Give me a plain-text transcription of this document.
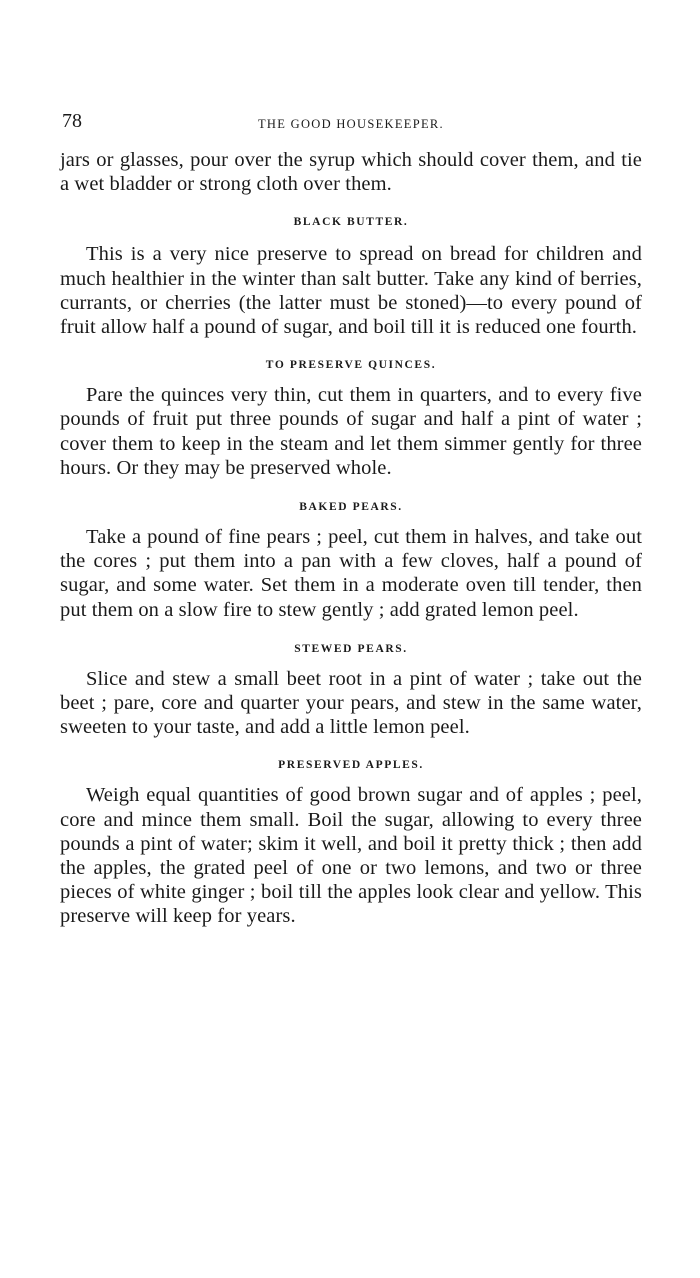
78	THE GOOD HOUSEKEEPER.

jars or glasses, pour over the syrup which should cover them, and tie a wet bladder or strong cloth over them.

BLACK BUTTER.

This is a very nice preserve to spread on bread for children and much healthier in the winter than salt butter. Take any kind of berries, currants, or cherries (the latter must be stoned)—to every pound of fruit allow half a pound of sugar, and boil till it is reduced one fourth.

TO PRESERVE QUINCES.

Pare the quinces very thin, cut them in quarters, and to every five pounds of fruit put three pounds of sugar and half a pint of water ; cover them to keep in the steam and let them simmer gently for three hours. Or they may be preserved whole.

BAKED PEARS.

Take a pound of fine pears ; peel, cut them in halves, and take out the cores ; put them into a pan with a few cloves, half a pound of sugar, and some water. Set them in a moderate oven till tender, then put them on a slow fire to stew gently ; add grated lemon peel.

STEWED PEARS.

Slice and stew a small beet root in a pint of water ; take out the beet ; pare, core and quarter your pears, and stew in the same water, sweeten to your taste, and add a little lemon peel.

PRESERVED APPLES.

Weigh equal quantities of good brown sugar and of apples ; peel, core and mince them small. Boil the sugar, allowing to every three pounds a pint of water; skim it well, and boil it pretty thick ; then add the apples, the grated peel of one or two lemons, and two or three pieces of white ginger ; boil till the apples look clear and yellow. This preserve will keep for years.
